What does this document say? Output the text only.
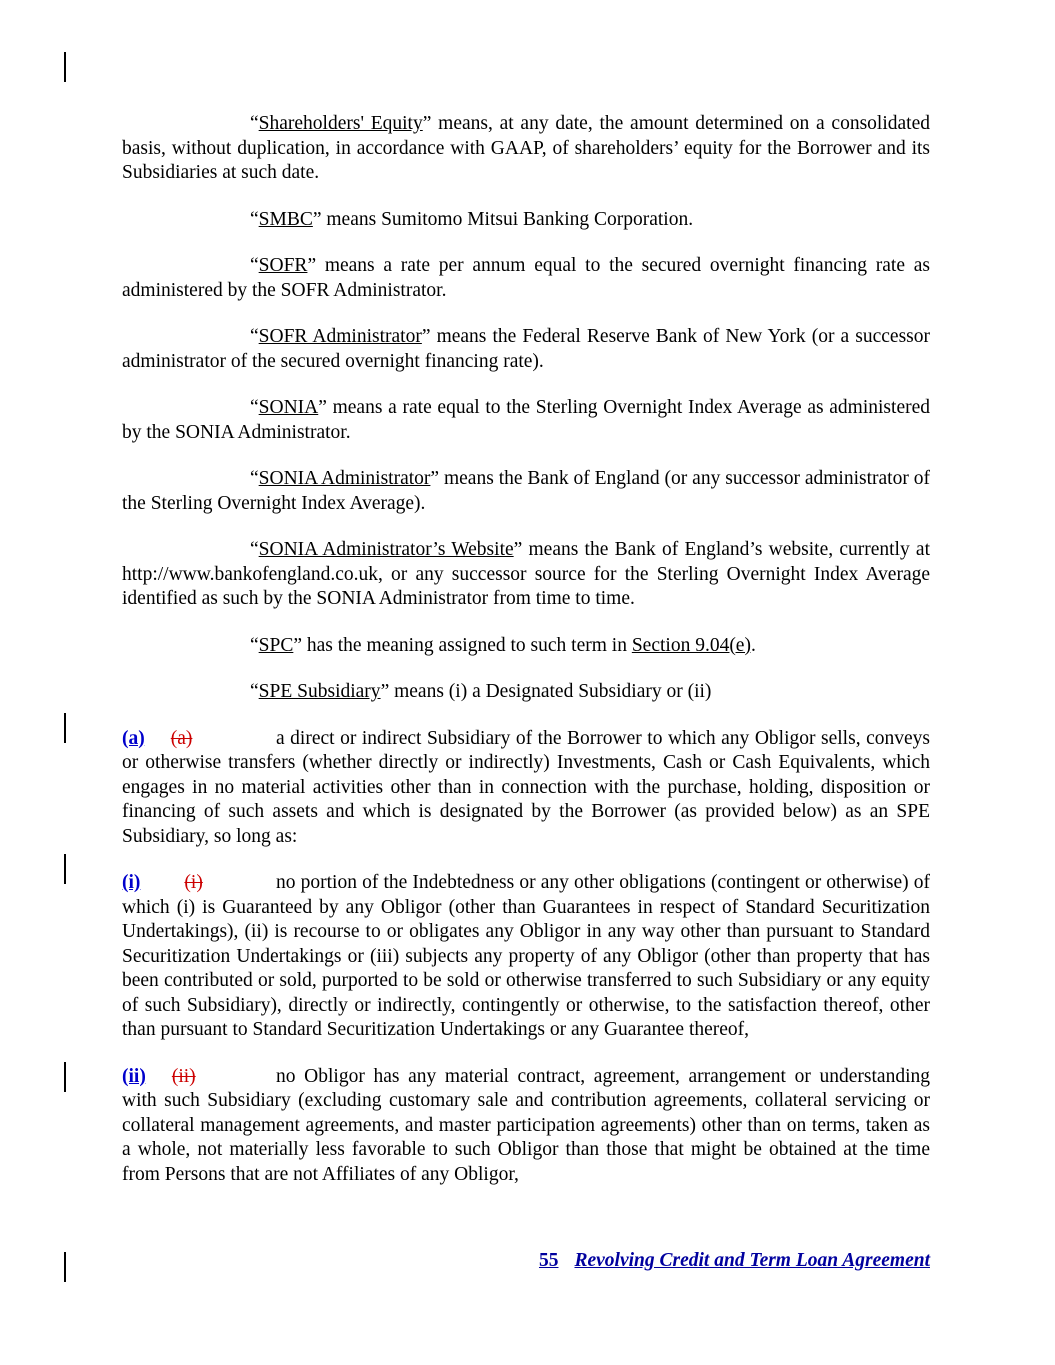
“Shareholders' Equity” means, at any date, the amount determined on a consolidated basis, without duplication, in accordance with GAAP, of shareholders’ equity for the Borrower and its Subsidiaries at such date.

“SMBC” means Sumitomo Mitsui Banking Corporation.

“SOFR” means a rate per annum equal to the secured overnight financing rate as administered by the SOFR Administrator.

“SOFR Administrator” means the Federal Reserve Bank of New York (or a successor administrator of the secured overnight financing rate).

“SONIA” means a rate equal to the Sterling Overnight Index Average as administered by the SONIA Administrator.

“SONIA Administrator” means the Bank of England (or any successor administrator of the Sterling Overnight Index Average).

“SONIA Administrator’s Website” means the Bank of England’s website, currently at http://www.bankofengland.co.uk, or any successor source for the Sterling Overnight Index Average identified as such by the SONIA Administrator from time to time.

“SPC” has the meaning assigned to such term in Section 9.04(e).

“SPE Subsidiary” means (i) a Designated Subsidiary or (ii)

(a) (a)	a direct or indirect Subsidiary of the Borrower to which any Obligor sells, conveys or otherwise transfers (whether directly or indirectly) Investments, Cash or Cash Equivalents, which engages in no material activities other than in connection with the purchase, holding, disposition or financing of such assets and which is designated by the Borrower (as provided below) as an SPE Subsidiary, so long as:

(i) (i)	no portion of the Indebtedness or any other obligations (contingent or otherwise) of which (i) is Guaranteed by any Obligor (other than Guarantees in respect of Standard Securitization Undertakings), (ii) is recourse to or obligates any Obligor in any way other than pursuant to Standard Securitization Undertakings or (iii) subjects any property of any Obligor (other than property that has been contributed or sold, purported to be sold or otherwise transferred to such Subsidiary or any equity of such Subsidiary), directly or indirectly, contingently or otherwise, to the satisfaction thereof, other than pursuant to Standard Securitization Undertakings or any Guarantee thereof,

(ii) (ii)	no Obligor has any material contract, agreement, arrangement or understanding with such Subsidiary (excluding customary sale and contribution agreements, collateral servicing or collateral management agreements, and master participation agreements) other than on terms, taken as a whole, not materially less favorable to such Obligor than those that might be obtained at the time from Persons that are not Affiliates of any Obligor,

55 Revolving Credit and Term Loan Agreement
